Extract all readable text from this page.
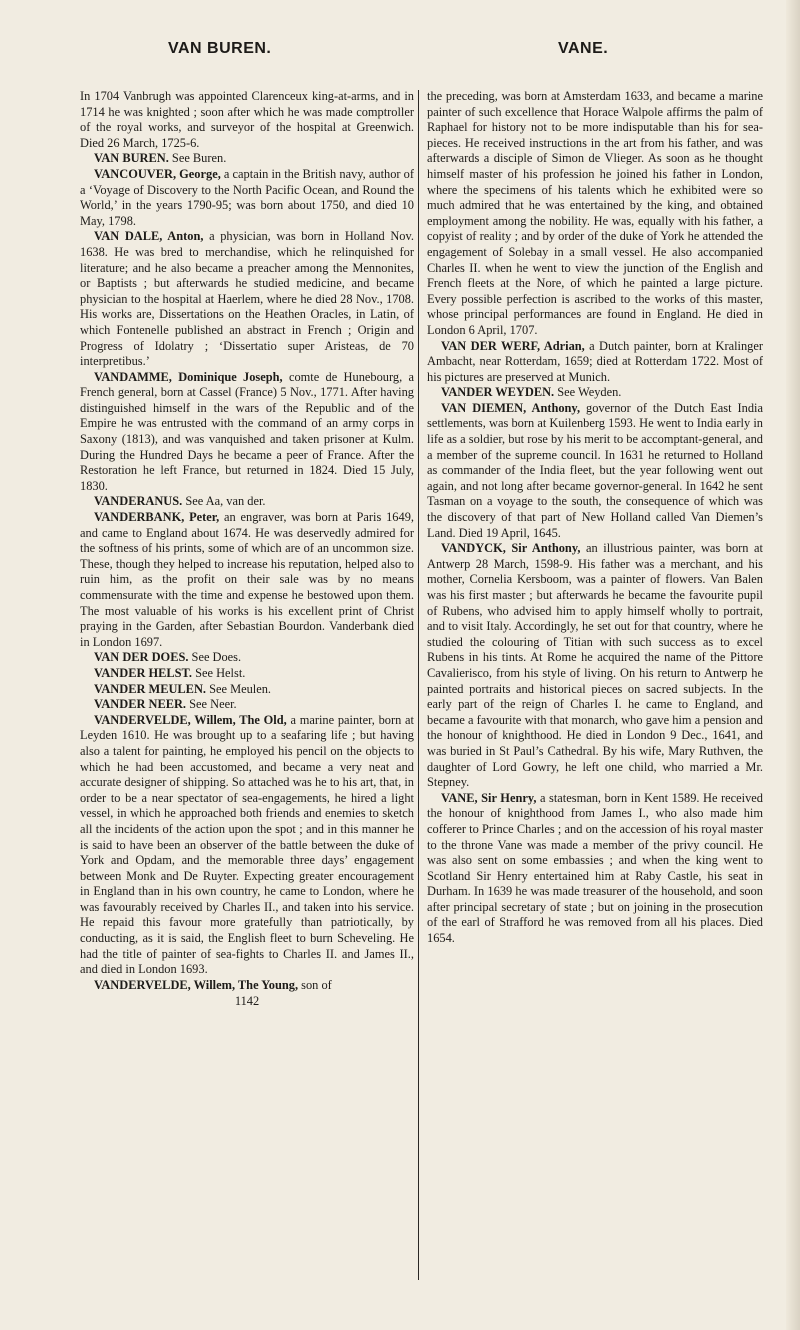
VAN BUREN.	VANE.

In 1704 Vanbrugh was appointed Clarenceux king-at-arms, and in 1714 he was knighted ; soon after which he was made comptroller of the royal works, and surveyor of the hospital at Greenwich. Died 26 March, 1725-6.

VAN BUREN. See Buren.

VANCOUVER, George, a captain in the British navy, author of a ‘Voyage of Discovery to the North Pacific Ocean, and Round the World,’ in the years 1790-95; was born about 1750, and died 10 May, 1798.

VAN DALE, Anton, a physician, was born in Holland Nov. 1638. He was bred to merchandise, which he relinquished for literature; and he also became a preacher among the Mennonites, or Baptists ; but afterwards he studied medicine, and became physician to the hospital at Haerlem, where he died 28 Nov., 1708. His works are, Dissertations on the Heathen Oracles, in Latin, of which Fontenelle published an abstract in French ; Origin and Progress of Idolatry ; ‘Dissertatio super Aristeas, de 70 interpretibus.’

VANDAMME, Dominique Joseph, comte de Hunebourg, a French general, born at Cassel (France) 5 Nov., 1771. After having distinguished himself in the wars of the Republic and of the Empire he was entrusted with the command of an army corps in Saxony (1813), and was vanquished and taken prisoner at Kulm. During the Hundred Days he became a peer of France. After the Restoration he left France, but returned in 1824. Died 15 July, 1830.

VANDERANUS. See Aa, van der.

VANDERBANK, Peter, an engraver, was born at Paris 1649, and came to England about 1674. He was deservedly admired for the softness of his prints, some of which are of an uncommon size. These, though they helped to increase his reputation, helped also to ruin him, as the profit on their sale was by no means commensurate with the time and expense he bestowed upon them. The most valuable of his works is his excellent print of Christ praying in the Garden, after Sebastian Bourdon. Vanderbank died in London 1697.

VAN DER DOES. See Does.

VANDER HELST. See Helst.

VANDER MEULEN. See Meulen.

VANDER NEER. See Neer.

VANDERVELDE, Willem, The Old, a marine painter, born at Leyden 1610. He was brought up to a seafaring life ; but having also a talent for painting, he employed his pencil on the objects to which he had been accustomed, and became a very neat and accurate designer of shipping. So attached was he to his art, that, in order to be a near spectator of sea-engagements, he hired a light vessel, in which he approached both friends and enemies to sketch all the incidents of the action upon the spot ; and in this manner he is said to have been an observer of the battle between the duke of York and Opdam, and the memorable three days’ engagement between Monk and De Ruyter. Expecting greater encouragement in England than in his own country, he came to London, where he was favourably received by Charles II., and taken into his service. He repaid this favour more gratefully than patriotically, by conducting, as it is said, the English fleet to burn Scheveling. He had the title of painter of sea-fights to Charles II. and James II., and died in London 1693.

VANDERVELDE, Willem, The Young, son of

1142

the preceding, was born at Amsterdam 1633, and became a marine painter of such excellence that Horace Walpole affirms the palm of Raphael for history not to be more indisputable than his for sea-pieces. He received instructions in the art from his father, and was afterwards a disciple of Simon de Vlieger. As soon as he thought himself master of his profession he joined his father in London, where the specimens of his talents which he exhibited were so much admired that he was entertained by the king, and obtained employment among the nobility. He was, equally with his father, a copyist of reality ; and by order of the duke of York he attended the engagement of Solebay in a small vessel. He also accompanied Charles II. when he went to view the junction of the English and French fleets at the Nore, of which he painted a large picture. Every possible perfection is ascribed to the works of this master, whose principal performances are found in England. He died in London 6 April, 1707.

VAN DER WERF, Adrian, a Dutch painter, born at Kralinger Ambacht, near Rotterdam, 1659; died at Rotterdam 1722. Most of his pictures are preserved at Munich.

VANDER WEYDEN. See Weyden.

VAN DIEMEN, Anthony, governor of the Dutch East India settlements, was born at Kuilenberg 1593. He went to India early in life as a soldier, but rose by his merit to be accomptant-general, and a member of the supreme council. In 1631 he returned to Holland as commander of the India fleet, but the year following went out again, and not long after became governor-general. In 1642 he sent Tasman on a voyage to the south, the consequence of which was the discovery of that part of New Holland called Van Diemen’s Land. Died 19 April, 1645.

VANDYCK, Sir Anthony, an illustrious painter, was born at Antwerp 28 March, 1598-9. His father was a merchant, and his mother, Cornelia Kersboom, was a painter of flowers. Van Balen was his first master ; but afterwards he became the favourite pupil of Rubens, who advised him to apply himself wholly to portrait, and to visit Italy. Accordingly, he set out for that country, where he studied the colouring of Titian with such success as to excel Rubens in his tints. At Rome he acquired the name of the Pittore Cavalierisco, from his style of living. On his return to Antwerp he painted portraits and historical pieces on sacred subjects. In the early part of the reign of Charles I. he came to England, and became a favourite with that monarch, who gave him a pension and the honour of knighthood. He died in London 9 Dec., 1641, and was buried in St Paul’s Cathedral. By his wife, Mary Ruthven, the daughter of Lord Gowry, he left one child, who married a Mr. Stepney.

VANE, Sir Henry, a statesman, born in Kent 1589. He received the honour of knighthood from James I., who also made him cofferer to Prince Charles ; and on the accession of his royal master to the throne Vane was made a member of the privy council. He was also sent on some embassies ; and when the king went to Scotland Sir Henry entertained him at Raby Castle, his seat in Durham. In 1639 he was made treasurer of the household, and soon after principal secretary of state ; but on joining in the prosecution of the earl of Strafford he was removed from all his places. Died 1654.
